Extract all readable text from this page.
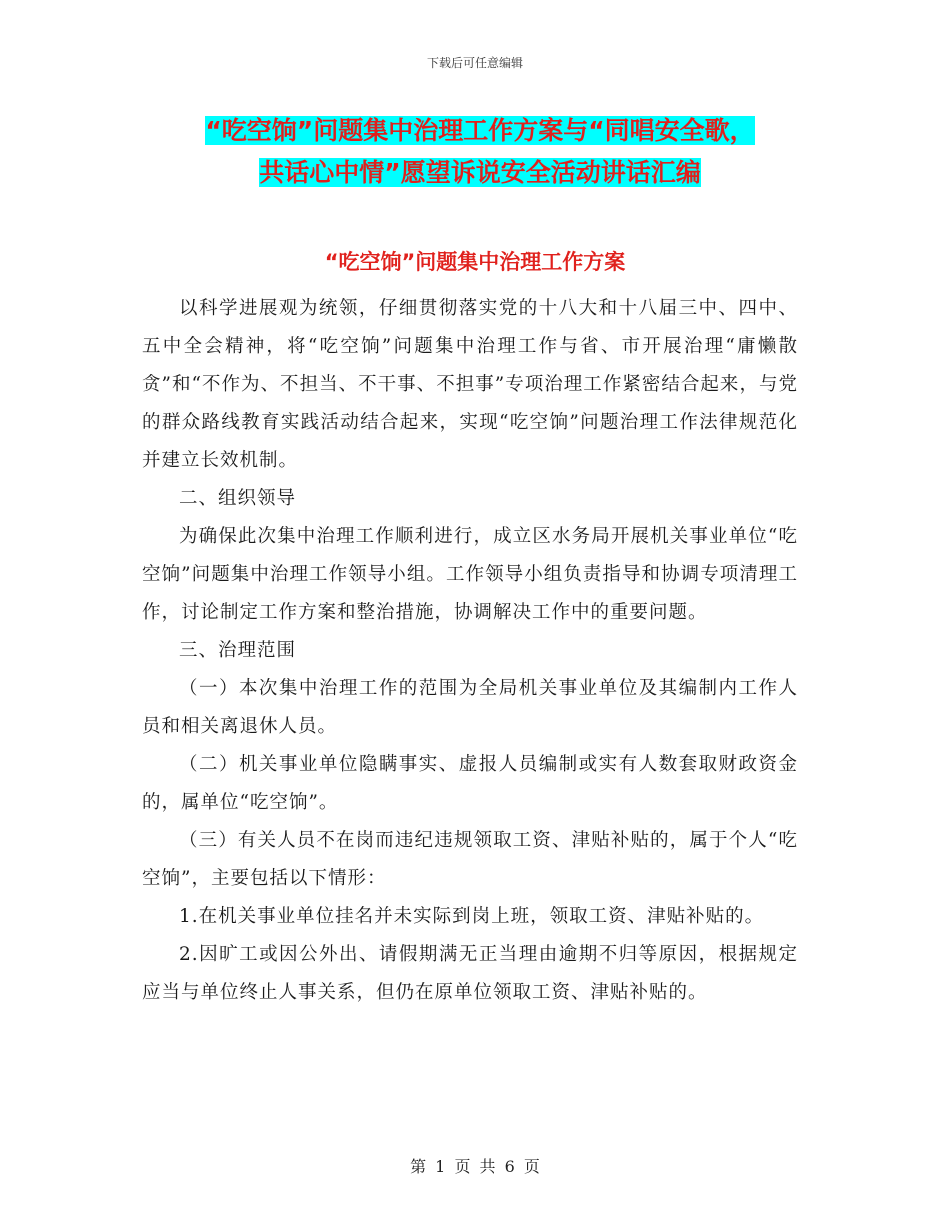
下载后可任意编辑
“吃空饷”问题集中治理工作方案与“同唱安全歌，
共话心中情”愿望诉说安全活动讲话汇编
“吃空饷”问题集中治理工作方案

以科学进展观为统领，仔细贯彻落实党的十八大和十八届三中、四中、五中全会精神，将“吃空饷”问题集中治理工作与省、市开展治理“庸懒散贪”和“不作为、不担当、不干事、不担事”专项治理工作紧密结合起来，与党的群众路线教育实践活动结合起来，实现“吃空饷”问题治理工作法律规范化并建立长效机制。

二、组织领导

为确保此次集中治理工作顺利进行，成立区水务局开展机关事业单位“吃空饷”问题集中治理工作领导小组。工作领导小组负责指导和协调专项清理工作，讨论制定工作方案和整治措施，协调解决工作中的重要问题。

三、治理范围

（一）本次集中治理工作的范围为全局机关事业单位及其编制内工作人员和相关离退休人员。

（二）机关事业单位隐瞒事实、虚报人员编制或实有人数套取财政资金的，属单位“吃空饷”。

（三）有关人员不在岗而违纪违规领取工资、津贴补贴的，属于个人“吃空饷”，主要包括以下情形：

1.在机关事业单位挂名并未实际到岗上班，领取工资、津贴补贴的。

2.因旷工或因公外出、请假期满无正当理由逾期不归等原因，根据规定应当与单位终止人事关系，但仍在原单位领取工资、津贴补贴的。

第 1 页 共 6 页
